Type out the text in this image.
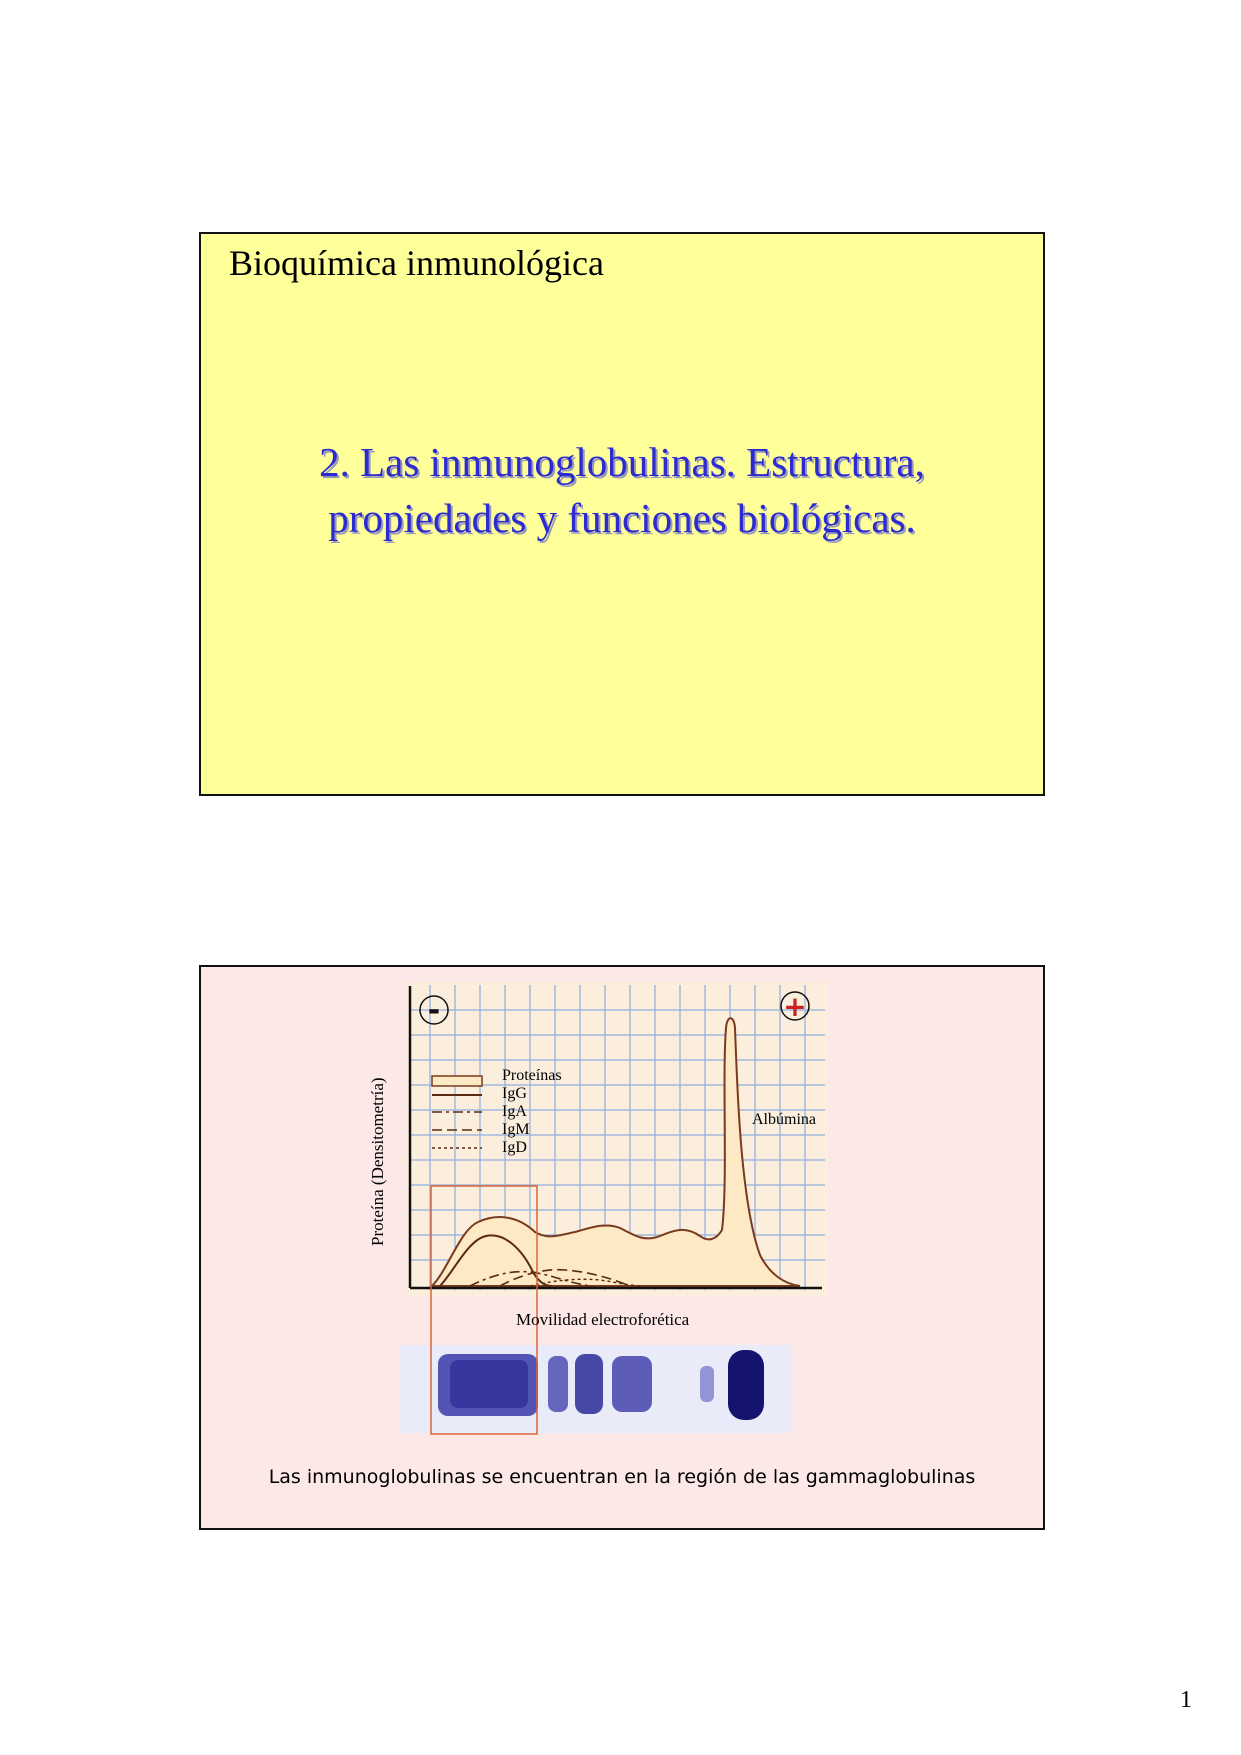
Bioquímica inmunológica
2. Las inmunoglobulinas. Estructura,
propiedades y funciones biológicas.
-	+
Proteínas
IgG
IgA
IgM
IgD
Albúmina
Proteína (Densitometría)
Movilidad electroforética
Las inmunoglobulinas se encuentran en la región de las gammaglobulinas
1
